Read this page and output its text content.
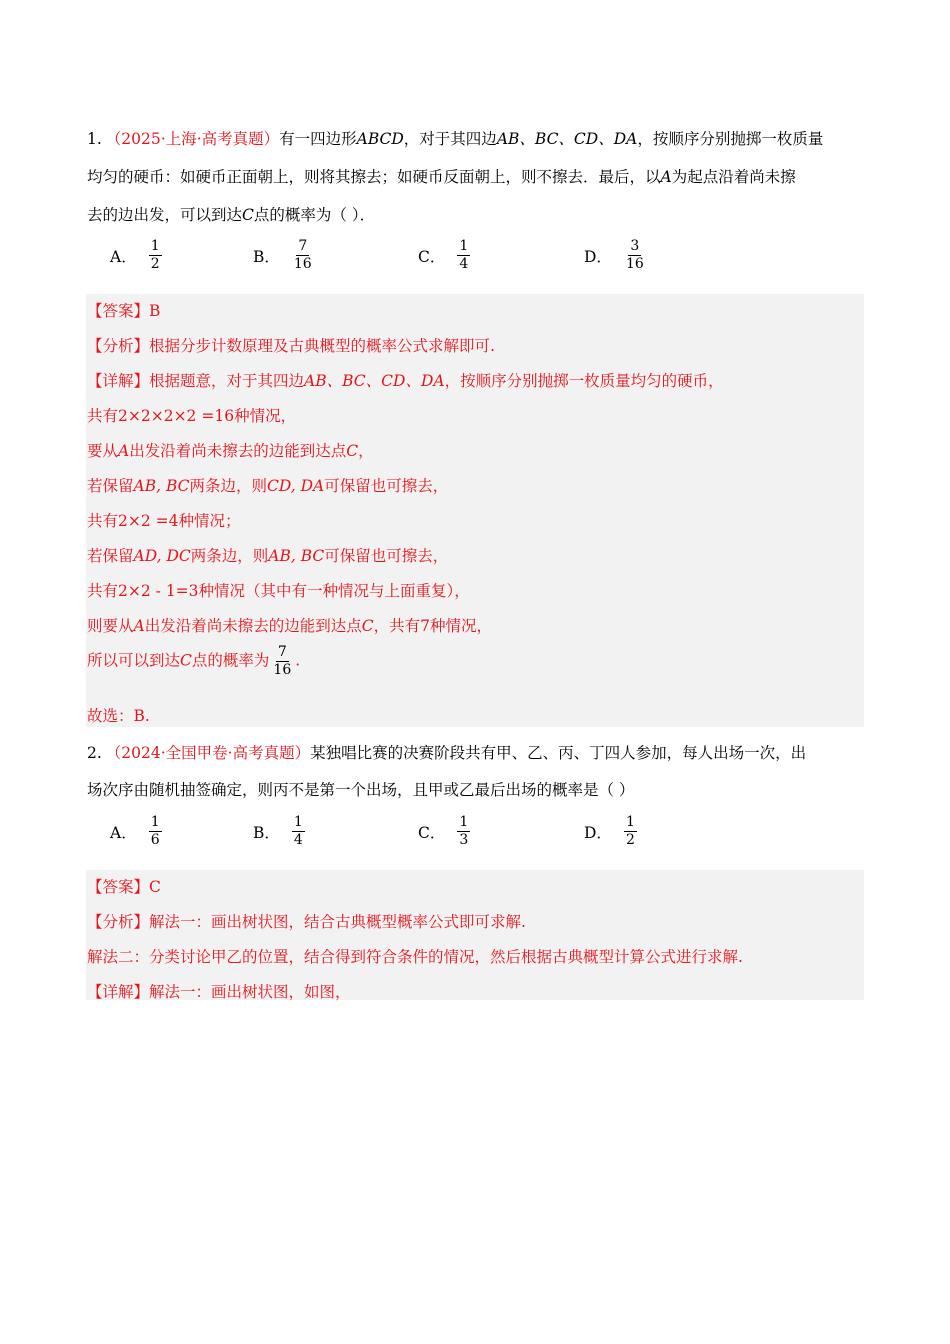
1. （2025·上海·高考真题）有一四边形ABCD，对于其四边AB、BC、CD、DA，按顺序分别抛掷一枚质量
均匀的硬币：如硬币正面朝上，则将其擦去；如硬币反面朝上，则不擦去．最后，以A为起点沿着尚未擦
去的边出发，可以到达C点的概率为（ ）．
A． $\frac{1}{2}$	B． $\frac{7}{16}$	C． $\frac{1}{4}$	D． $\frac{3}{16}$
【答案】B
【分析】根据分步计数原理及古典概型的概率公式求解即可.
【详解】根据题意，对于其四边AB、BC、CD、DA，按顺序分别抛掷一枚质量均匀的硬币，
共有2×2×2×2 =16种情况，
要从A出发沿着尚未擦去的边能到达点C，
若保留AB, BC两条边，则CD, DA可保留也可擦去，
共有2×2 =4种情况；
若保留AD, DC两条边，则AB, BC可保留也可擦去，
共有2×2 - 1=3种情况（其中有一种情况与上面重复），
则要从A出发沿着尚未擦去的边能到达点C，共有7种情况，
所以可以到达C点的概率为 $\frac{7}{16}$ .
故选：B.
2. （2024·全国甲卷·高考真题）某独唱比赛的决赛阶段共有甲、乙、丙、丁四人参加，每人出场一次，出
场次序由随机抽签确定，则丙不是第一个出场，且甲或乙最后出场的概率是（ ）
A． $\frac{1}{6}$	B． $\frac{1}{4}$	C． $\frac{1}{3}$	D． $\frac{1}{2}$
【答案】C
【分析】解法一：画出树状图，结合古典概型概率公式即可求解.
解法二：分类讨论甲乙的位置，结合得到符合条件的情况，然后根据古典概型计算公式进行求解.
【详解】解法一：画出树状图，如图，
